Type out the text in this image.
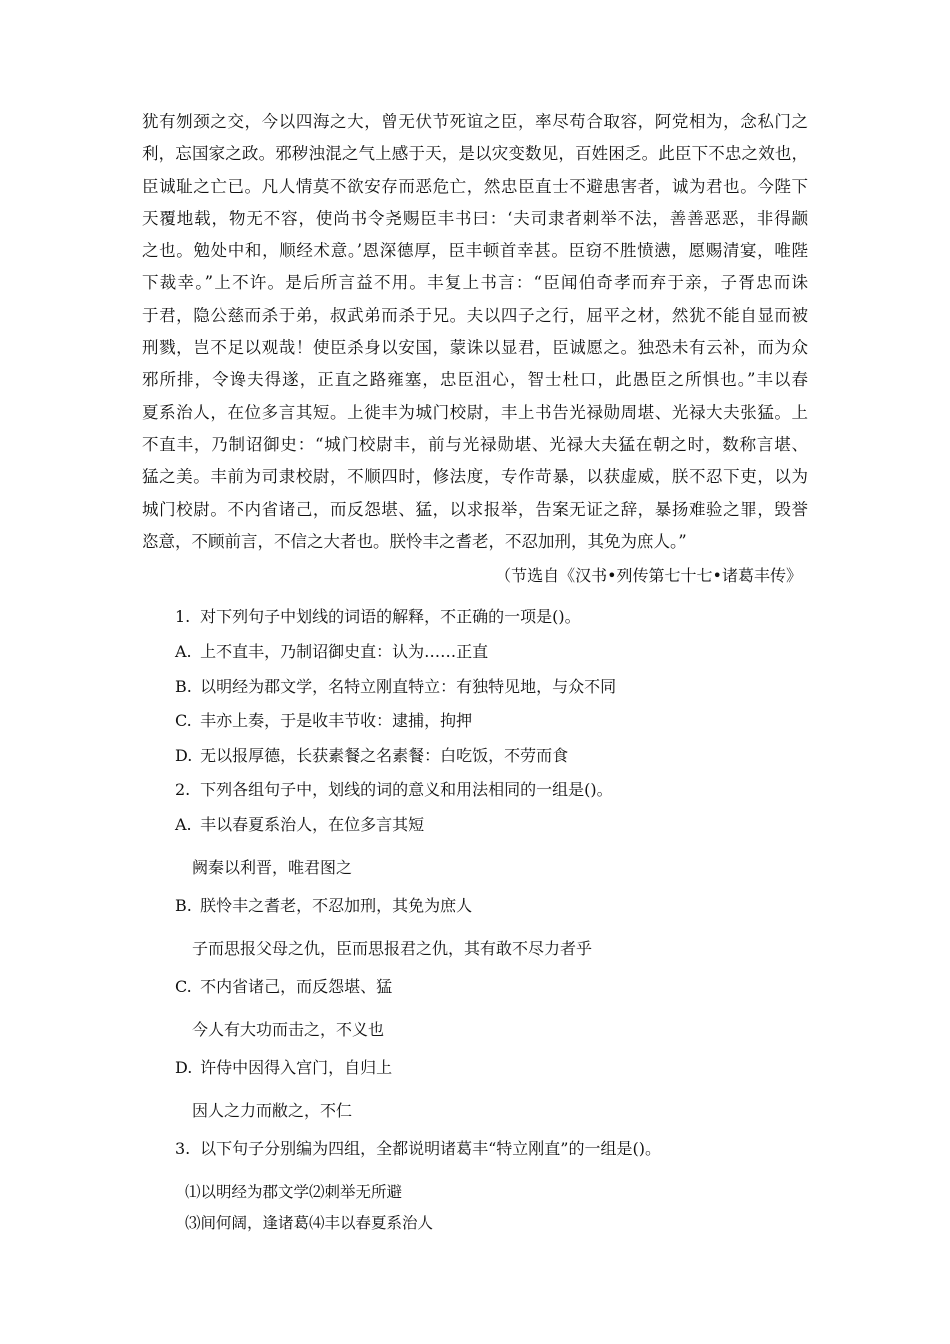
犹有刎颈之交，今以四海之大，曾无伏节死谊之臣，率尽苟合取容，阿党相为，念私门之
利，忘国家之政。邪秽浊混之气上感于天，是以灾变数见，百姓困乏。此臣下不忠之效也，
臣诚耻之亡已。凡人情莫不欲安存而恶危亡，然忠臣直士不避患害者，诚为君也。今陛下
天覆地载，物无不容，使尚书令尧赐臣丰书曰：‘夫司隶者刺举不法，善善恶恶，非得颛
之也。勉处中和，顺经术意。’恩深德厚，臣丰顿首幸甚。臣窃不胜愤懑，愿赐清宴，唯陛
下裁幸。”上不许。是后所言益不用。丰复上书言：“臣闻伯奇孝而弃于亲，子胥忠而诛
于君，隐公慈而杀于弟，叔武弟而杀于兄。夫以四子之行，屈平之材，然犹不能自显而被
刑戮，岂不足以观哉！使臣杀身以安国，蒙诛以显君，臣诚愿之。独恐未有云补，而为众
邪所排，令谗夫得遂，正直之路雍塞，忠臣沮心，智士杜口，此愚臣之所惧也。”丰以春
夏系治人，在位多言其短。上徙丰为城门校尉，丰上书告光禄勋周堪、光禄大夫张猛。上
不直丰，乃制诏御史：“城门校尉丰，前与光禄勋堪、光禄大夫猛在朝之时，数称言堪、
猛之美。丰前为司隶校尉，不顺四时，修法度，专作苛暴，以获虚威，朕不忍下吏，以为
城门校尉。不内省诸己，而反怨堪、猛，以求报举，告案无证之辞，暴扬难验之罪，毁誉
恣意，不顾前言，不信之大者也。朕怜丰之耆老，不忍加刑，其免为庶人。”
（节选自《汉书•列传第七十七•诸葛丰传》
1. 对下列句子中划线的词语的解释，不正确的一项是()。
A. 上不直丰，乃制诏御史直：认为……正直
B. 以明经为郡文学，名特立刚直特立：有独特见地，与众不同
C. 丰亦上奏，于是收丰节收：逮捕，拘押
D. 无以报厚德，长获素餐之名素餐：白吃饭，不劳而食
2. 下列各组句子中，划线的词的意义和用法相同的一组是()。
A. 丰以春夏系治人，在位多言其短
阙秦以利晋，唯君图之
B. 朕怜丰之耆老，不忍加刑，其免为庶人
子而思报父母之仇，臣而思报君之仇，其有敢不尽力者乎
C. 不内省诸己，而反怨堪、猛
今人有大功而击之，不义也
D. 许侍中因得入宫门，自归上
因人之力而敝之，不仁
3. 以下句子分别编为四组，全都说明诸葛丰“特立刚直”的一组是()。
⑴以明经为郡文学⑵刺举无所避
⑶间何阔，逢诸葛⑷丰以春夏系治人
